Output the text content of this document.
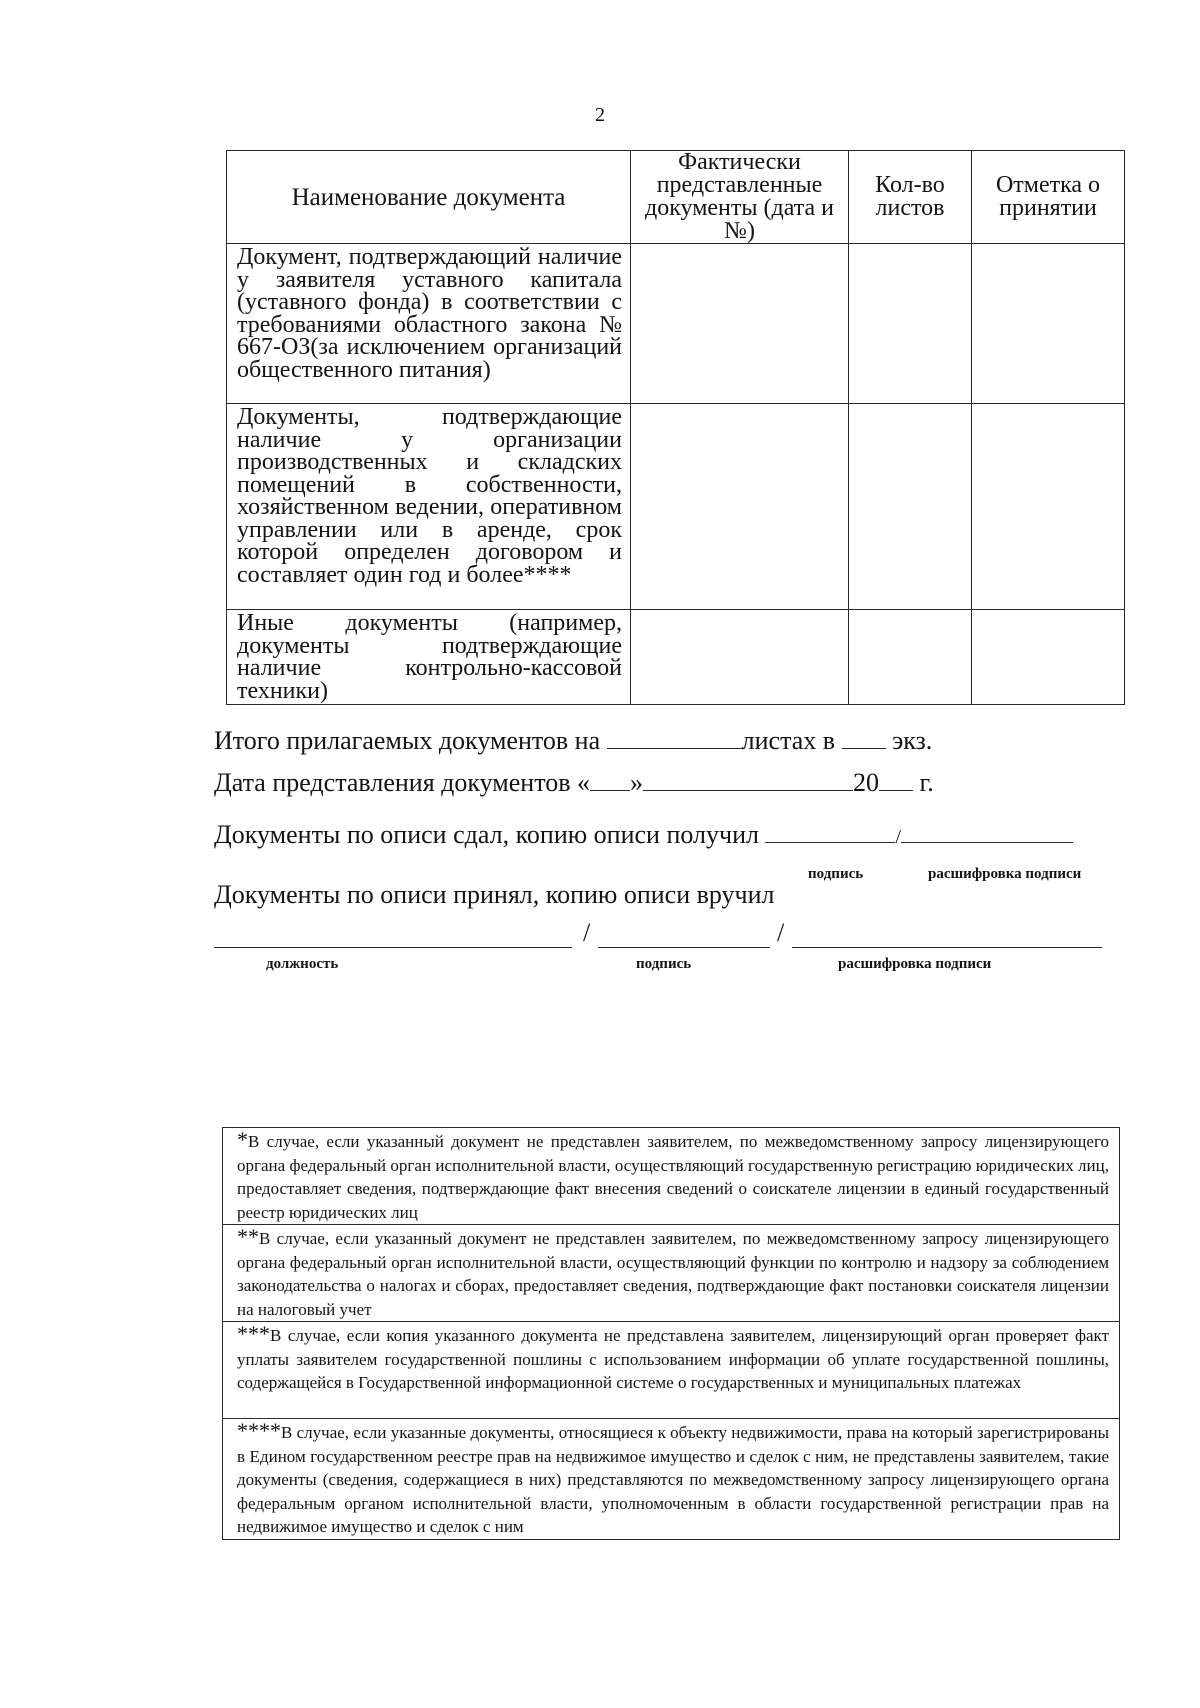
2
Наименование документа	Фактически представленные документы (дата и №)	Кол-во листов	Отметка о принятии

Документ, подтверждающий наличие у заявителя уставного капитала (уставного фонда) в соответствии с требованиями областного закона № 667-ОЗ(за исключением организаций общественного питания)			

Документы, подтверждающие наличие у организации производственных и складских помещений в собственности, хозяйственном ведении, оперативном управлении или в аренде, срок которой определен договором и составляет один год и более****			

Иные документы (например, документы подтверждающие наличие контрольно-кассовой техники)			

Итого прилагаемых документов на	листах в экз.
Дата представления документов « »	20 г.
Документы по описи сдал, копию описи получил	/
подпись	расшифровка подписи
Документы по описи принял, копию описи вручил
/	/
должность	подпись	расшифровка подписи
*В случае, если указанный документ не представлен заявителем, по межведомственному запросу лицензирующего органа федеральный орган исполнительной власти, осуществляющий государственную регистрацию юридических лиц, предоставляет сведения, подтверждающие факт внесения сведений о соискателе лицензии в единый государственный реестр юридических лиц
**В случае, если указанный документ не представлен заявителем, по межведомственному запросу лицензирующего органа федеральный орган исполнительной власти, осуществляющий функции по контролю и надзору за соблюдением законодательства о налогах и сборах, предоставляет сведения, подтверждающие факт постановки соискателя лицензии на налоговый учет
***В случае, если копия указанного документа не представлена заявителем, лицензирующий орган проверяет факт уплаты заявителем государственной пошлины с использованием информации об уплате государственной пошлины, содержащейся в Государственной информационной системе о государственных и муниципальных платежах
****В случае, если указанные документы, относящиеся к объекту недвижимости, права на который зарегистрированы в Едином государственном реестре прав на недвижимое имущество и сделок с ним, не представлены заявителем, такие документы (сведения, содержащиеся в них) представляются по межведомственному запросу лицензирующего органа федеральным органом исполнительной власти, уполномоченным в области государственной регистрации прав на недвижимое имущество и сделок с ним
